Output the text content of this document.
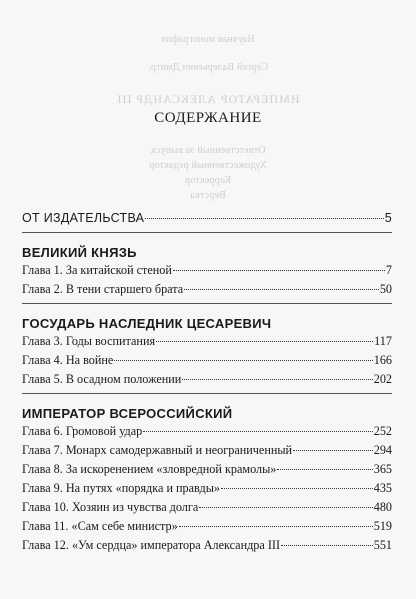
Научная монография
Сергей Валерьевич Дмитр.
ИМПЕРАТОР АЛЕКСАНДР III
Ответственный за выпуск
Художественный редактор
Корректор
Верстка
СОДЕРЖАНИЕ
ОТ ИЗДАТЕЛЬСТВА	5
ВЕЛИКИЙ КНЯЗЬ
Глава 1. За китайской стеной	7
Глава 2. В тени старшего брата	50
ГОСУДАРЬ НАСЛЕДНИК ЦЕСАРЕВИЧ
Глава 3. Годы воспитания	117
Глава 4. На войне	166
Глава 5. В осадном положении	202
ИМПЕРАТОР ВСЕРОССИЙСКИЙ
Глава 6. Громовой удар	252
Глава 7. Монарх самодержавный и неограниченный	294
Глава 8. За искоренением «зловредной крамолы»	365
Глава 9. На путях «порядка и правды»	435
Глава 10. Хозяин из чувства долга	480
Глава 11. «Сам себе министр»	519
Глава 12. «Ум сердца» императора Александра III	551
